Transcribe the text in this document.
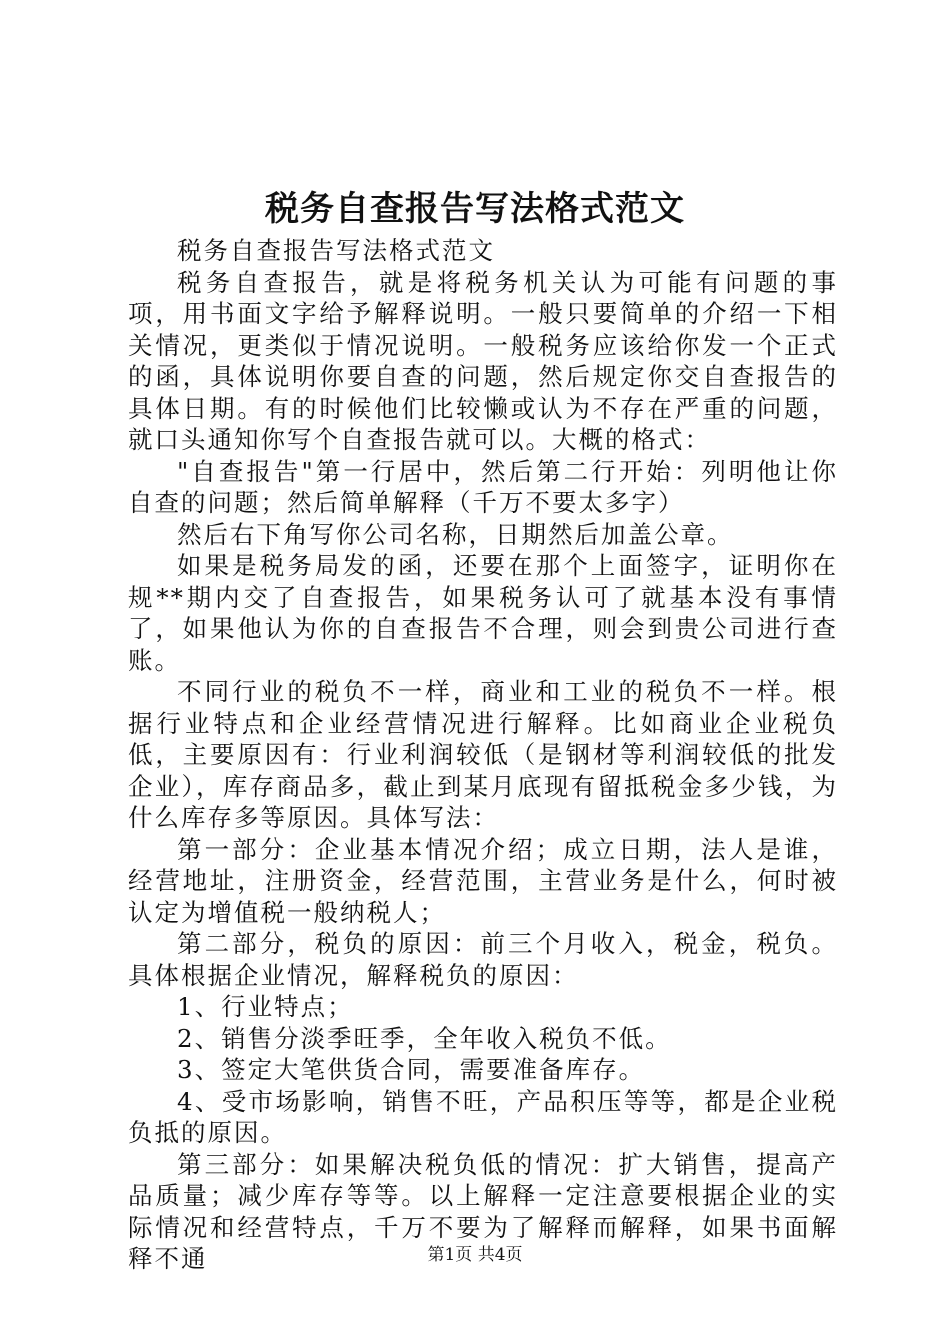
税务自查报告写法格式范文

税务自查报告写法格式范文

税务自查报告，就是将税务机关认为可能有问题的事项，用书面文字给予解释说明。一般只要简单的介绍一下相关情况，更类似于情况说明。一般税务应该给你发一个正式的函，具体说明你要自查的问题，然后规定你交自查报告的具体日期。有的时候他们比较懒或认为不存在严重的问题，就口头通知你写个自查报告就可以。大概的格式：

"自查报告"第一行居中，然后第二行开始：列明他让你自查的问题；然后简单解释（千万不要太多字）

然后右下角写你公司名称，日期然后加盖公章。

如果是税务局发的函，还要在那个上面签字，证明你在规**期内交了自查报告，如果税务认可了就基本没有事情了，如果他认为你的自查报告不合理，则会到贵公司进行查账。

不同行业的税负不一样，商业和工业的税负不一样。根据行业特点和企业经营情况进行解释。比如商业企业税负低，主要原因有：行业利润较低（是钢材等利润较低的批发企业），库存商品多，截止到某月底现有留抵税金多少钱，为什么库存多等原因。具体写法：

第一部分：企业基本情况介绍；成立日期，法人是谁，经营地址，注册资金，经营范围，主营业务是什么，何时被认定为增值税一般纳税人；

第二部分，税负的原因：前三个月收入，税金，税负。具体根据企业情况，解释税负的原因：

1、行业特点；

2、销售分淡季旺季，全年收入税负不低。

3、签定大笔供货合同，需要准备库存。

4、受市场影响，销售不旺，产品积压等等，都是企业税负抵的原因。

第三部分：如果解决税负低的情况：扩大销售，提高产品质量；减少库存等等。以上解释一定注意要根据企业的实际情况和经营特点，千万不要为了解释而解释，如果书面解释不通	第1页 共4页
